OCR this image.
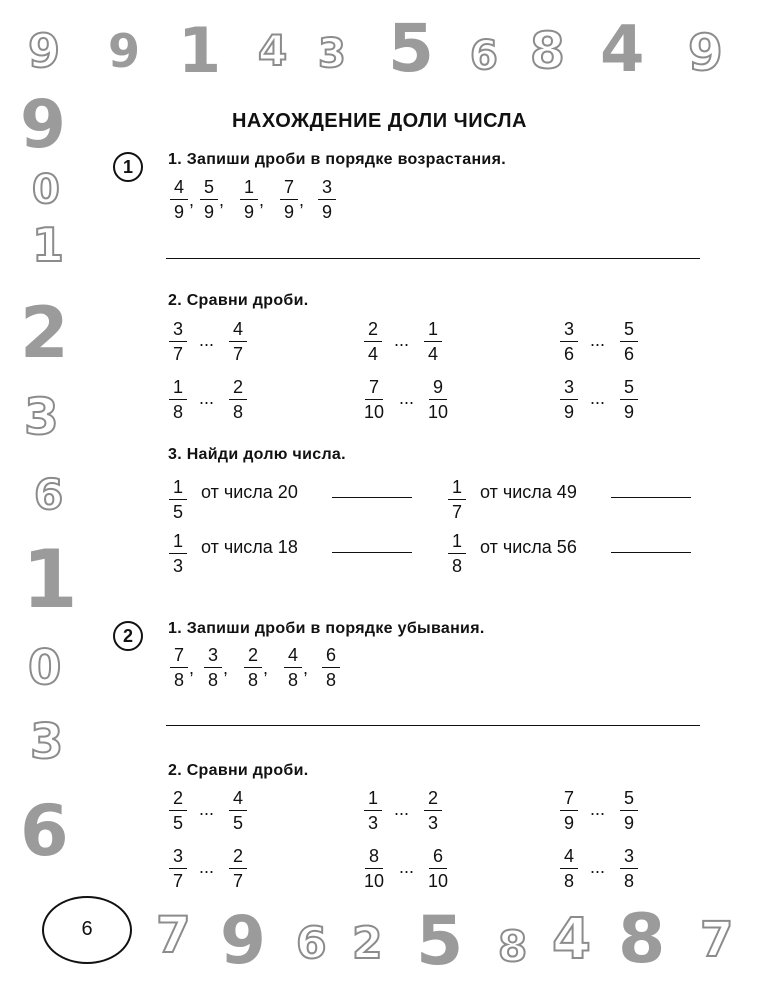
9 9 1 4 3 5 6 8 4 9
9
0
1
2
3
6
1
0
3
6
7 9 6 2 5 8 4 8 7
НАХОЖДЕНИЕ ДОЛИ ЧИСЛА
1	1. Запиши дроби в порядке возрастания.
$\frac{4}{9}$ , $\frac{5}{9}$ , $\frac{1}{9}$ , $\frac{7}{9}$ , $\frac{3}{9}$
2. Сравни дроби.
$\frac{3}{7}$ ... $\frac{4}{7}$	$\frac{2}{4}$ ... $\frac{1}{4}$	$\frac{3}{6}$ ... $\frac{5}{6}$
$\frac{1}{8}$ ... $\frac{2}{8}$	$\frac{7}{10}$ ... $\frac{9}{10}$	$\frac{3}{9}$ ... $\frac{5}{9}$
3. Найди долю числа.
$\frac{1}{5}$ от числа 20	$\frac{1}{7}$ от числа 49
$\frac{1}{3}$ от числа 18	$\frac{1}{8}$ от числа 56
2	1. Запиши дроби в порядке убывания.
$\frac{7}{8}$ , $\frac{3}{8}$ , $\frac{2}{8}$ , $\frac{4}{8}$ , $\frac{6}{8}$
2. Сравни дроби.
$\frac{2}{5}$ ... $\frac{4}{5}$	$\frac{1}{3}$ ... $\frac{2}{3}$	$\frac{7}{9}$ ... $\frac{5}{9}$
$\frac{3}{7}$ ... $\frac{2}{7}$	$\frac{8}{10}$ ... $\frac{6}{10}$	$\frac{4}{8}$ ... $\frac{3}{8}$
6
